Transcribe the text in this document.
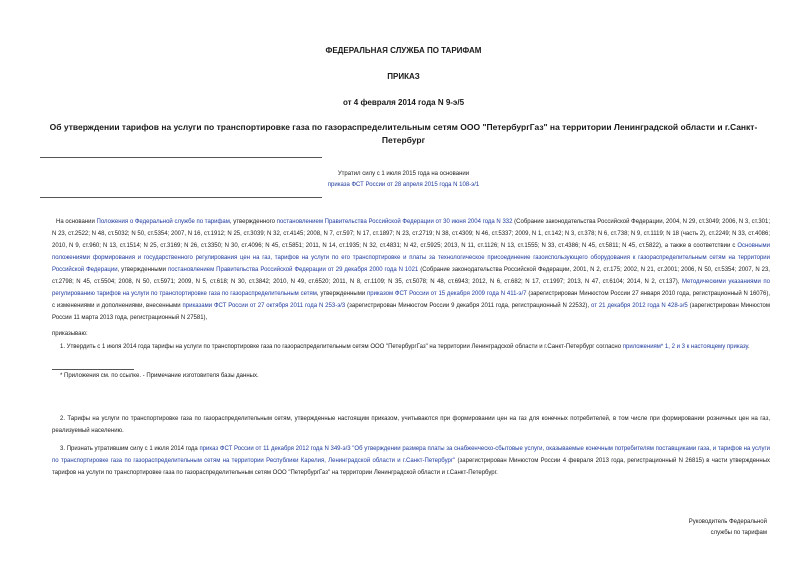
ФЕДЕРАЛЬНАЯ СЛУЖБА ПО ТАРИФАМ
ПРИКАЗ
от 4 февраля 2014 года N 9-э/5
Об утверждении тарифов на услуги по транспортировке газа по газораспределительным сетям ООО "ПетербургГаз" на территории Ленинградской области и г.Санкт-Петербург
Утратил силу с 1 июля 2015 года на основании
приказа ФСТ России от 28 апреля 2015 года N 108-э/1
На основании Положения о Федеральной службе по тарифам, утвержденного постановлением Правительства Российской Федерации от 30 июня 2004 года N 332 (Собрание законодательства Российской Федерации, 2004, N 29, ст.3049; 2006, N 3, ст.301; N 23, ст.2522; N 48, ст.5032; N 50, ст.5354; 2007, N 16, ст.1912; N 25, ст.3039; N 32, ст.4145; 2008, N 7, ст.597; N 17, ст.1897; N 23, ст.2719; N 38, ст.4309; N 46, ст.5337; 2009, N 1, ст.142; N 3, ст.378; N 6, ст.738; N 9, ст.1119; N 18 (часть 2), ст.2249; N 33, ст.4086; 2010, N 9, ст.960; N 13, ст.1514; N 25, ст.3169; N 26, ст.3350; N 30, ст.4096; N 45, ст.5851; 2011, N 14, ст.1935; N 32, ст.4831; N 42, ст.5925; 2013, N 11, ст.1126; N 13, ст.1555; N 33, ст.4386; N 45, ст.5811; N 45, ст.5822), а также в соответствии с Основными положениями формирования и государственного регулирования цен на газ, тарифов на услуги по его транспортировке и платы за технологическое присоединение газоиспользующего оборудования к газораспределительным сетям на территории Российской Федерации, утвержденными постановлением Правительства Российской Федерации от 29 декабря 2000 года N 1021 (Собрание законодательства Российской Федерации, 2001, N 2, ст.175; 2002, N 21, ст.2001; 2006, N 50, ст.5354; 2007, N 23, ст.2798; N 45, ст.5504; 2008, N 50, ст.5971; 2009, N 5, ст.618; N 30, ст.3842; 2010, N 49, ст.6520; 2011, N 8, ст.1109; N 35, ст.5078; N 48, ст.6943; 2012, N 6, ст.682; N 17, ст.1997; 2013, N 47, ст.6104; 2014, N 2, ст.137), Методическими указаниями по регулированию тарифов на услуги по транспортировке газа по газораспределительным сетям, утвержденными приказом ФСТ России от 15 декабря 2009 года N 411-э/7 (зарегистрирован Минюстом России 27 января 2010 года, регистрационный N 16076), с изменениями и дополнениями, внесенными приказами ФСТ России от 27 октября 2011 года N 253-э/3 (зарегистрирован Минюстом России 9 декабря 2011 года, регистрационный N 22532), от 21 декабря 2012 года N 428-э/5 (зарегистрирован Минюстом России 11 марта 2013 года, регистрационный N 27581),
приказываю:
1. Утвердить с 1 июля 2014 года тарифы на услуги по транспортировке газа по газораспределительным сетям ООО "ПетербургГаз" на территории Ленинградской области и г.Санкт-Петербург согласно приложениям* 1, 2 и 3 к настоящему приказу.
* Приложения см. по ссылке. - Примечание изготовителя базы данных.
2. Тарифы на услуги по транспортировке газа по газораспределительным сетям, утвержденные настоящим приказом, учитываются при формировании цен на газ для конечных потребителей, в том числе при формировании розничных цен на газ, реализуемый населению.
3. Признать утратившим силу с 1 июля 2014 года приказ ФСТ России от 11 декабря 2012 года N 349-э/3 "Об утверждении размера платы за снабженческо-сбытовые услуги, оказываемые конечным потребителям поставщиками газа, и тарифов на услуги по транспортировке газа по газораспределительным сетям на территории Республики Карелия, Ленинградской области и г.Санкт-Петербург" (зарегистрирован Минюстом России 4 февраля 2013 года, регистрационный N 26815) в части утвержденных тарифов на услуги по транспортировке газа по газораспределительным сетям ООО "ПетербургГаз" на территории Ленинградской области и г.Санкт-Петербург.
Руководитель Федеральной
службы по тарифам
